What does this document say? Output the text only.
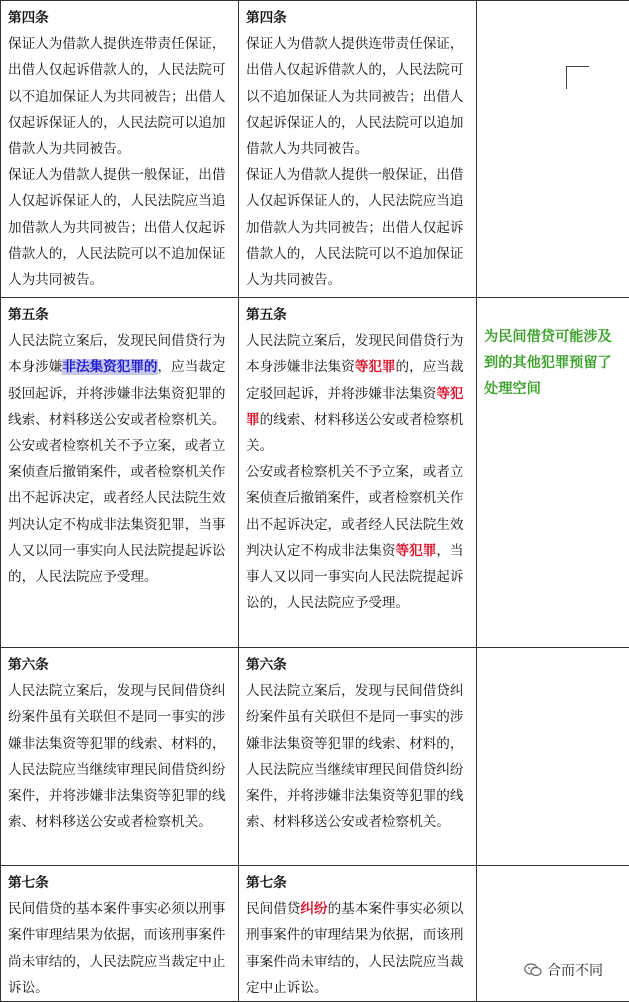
第四条
保证人为借款人提供连带责任保证，出借人仅起诉借款人的，人民法院可以不追加保证人为共同被告；出借人仅起诉保证人的，人民法院可以追加借款人为共同被告。
保证人为借款人提供一般保证，出借人仅起诉保证人的，人民法院应当追加借款人为共同被告；出借人仅起诉借款人的，人民法院可以不追加保证人为共同被告。	第四条
保证人为借款人提供连带责任保证，出借人仅起诉借款人的，人民法院可以不追加保证人为共同被告；出借人仅起诉保证人的，人民法院可以追加借款人为共同被告。
保证人为借款人提供一般保证，出借人仅起诉保证人的，人民法院应当追加借款人为共同被告；出借人仅起诉借款人的，人民法院可以不追加保证人为共同被告。	

第五条
人民法院立案后，发现民间借贷行为本身涉嫌非法集资犯罪的，应当裁定驳回起诉，并将涉嫌非法集资犯罪的线索、材料移送公安或者检察机关。
公安或者检察机关不予立案，或者立案侦查后撤销案件，或者检察机关作出不起诉决定，或者经人民法院生效判决认定不构成非法集资犯罪，当事人又以同一事实向人民法院提起诉讼的，人民法院应予受理。	第五条
人民法院立案后，发现民间借贷行为本身涉嫌非法集资等犯罪的，应当裁定驳回起诉，并将涉嫌非法集资等犯罪的线索、材料移送公安或者检察机关。
公安或者检察机关不予立案，或者立案侦查后撤销案件，或者检察机关作出不起诉决定，或者经人民法院生效判决认定不构成非法集资等犯罪，当事人又以同一事实向人民法院提起诉讼的，人民法院应予受理。	为民间借贷可能涉及到的其他犯罪预留了处理空间

第六条
人民法院立案后，发现与民间借贷纠纷案件虽有关联但不是同一事实的涉嫌非法集资等犯罪的线索、材料的，人民法院应当继续审理民间借贷纠纷案件，并将涉嫌非法集资等犯罪的线索、材料移送公安或者检察机关。	第六条
人民法院立案后，发现与民间借贷纠纷案件虽有关联但不是同一事实的涉嫌非法集资等犯罪的线索、材料的，人民法院应当继续审理民间借贷纠纷案件，并将涉嫌非法集资等犯罪的线索、材料移送公安或者检察机关。	

第七条
民间借贷的基本案件事实必须以刑事案件审理结果为依据，而该刑事案件尚未审结的，人民法院应当裁定中止诉讼。	第七条
民间借贷纠纷的基本案件事实必须以刑事案件的审理结果为依据，而该刑事案件尚未审结的，人民法院应当裁定中止诉讼。	

合而不同
